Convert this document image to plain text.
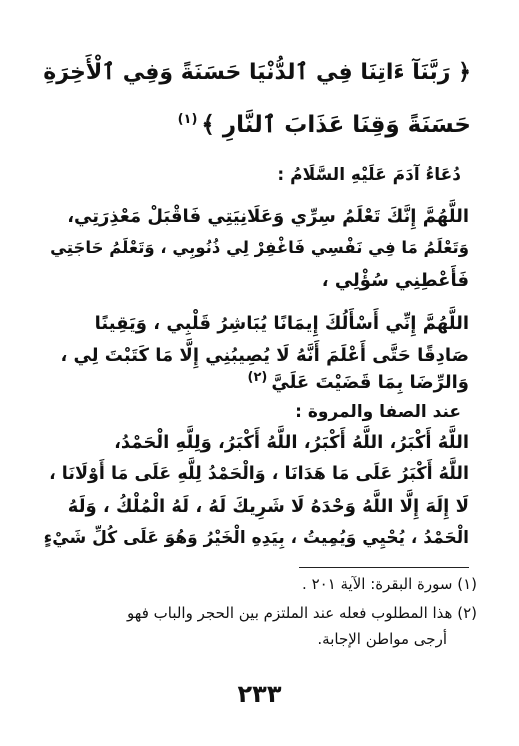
﴿ رَبَّنَآ ءَاتِنَا فِي ٱلدُّنْيَا حَسَنَةً وَفِي ٱلْأَخِرَةِ
حَسَنَةً وَقِنَا عَذَابَ ٱلنَّارِ ﴾$^{(١)}$
دُعَاءُ آدَمَ عَلَيْهِ السَّلَامُ :
اللَّهُمَّ إِنَّكَ تَعْلَمُ سِرِّي وَعَلَانِيَتِي فَاقْبَلْ مَعْذِرَتِي،
وَتَعْلَمُ مَا فِي نَفْسِي فَاغْفِرْ لِي ذُنُوبِي ، وَتَعْلَمُ حَاجَتِي
فَأَعْطِنِي سُؤْلِي ،
اللَّهُمَّ إِنِّي أَسْأَلُكَ إِيمَانًا يُبَاشِرُ قَلْبِي ، وَيَقِينًا
صَادِقًا حَتَّى أَعْلَمَ أَنَّهُ لَا يُصِيبُنِي إِلَّا مَا كَتَبْتَ لِي ،
وَالرِّضَا بِمَا قَضَيْتَ عَلَيَّ$^{(٢)}$
عند الصفا والمروة :
اللَّهُ أَكْبَرُ، اللَّهُ أَكْبَرُ، اللَّهُ أَكْبَرُ، وَلِلَّهِ الْحَمْدُ،
اللَّهُ أَكْبَرُ عَلَى مَا هَدَانَا ، وَالْحَمْدُ لِلَّهِ عَلَى مَا أَوْلَانَا ،
لَا إِلَهَ إِلَّا اللَّهُ وَحْدَهُ لَا شَرِيكَ لَهُ ، لَهُ الْمُلْكُ ، وَلَهُ
الْحَمْدُ ، يُحْيِي وَيُمِيتُ ، بِيَدِهِ الْخَيْرُ وَهُوَ عَلَى كُلِّ شَيْءٍ
(١) سورة البقرة: الآية ٢٠١ .
(٢) هذا المطلوب فعله عند الملتزم بين الحجر والباب فهو
أرجى مواطن الإجابة.
٢٣٣
